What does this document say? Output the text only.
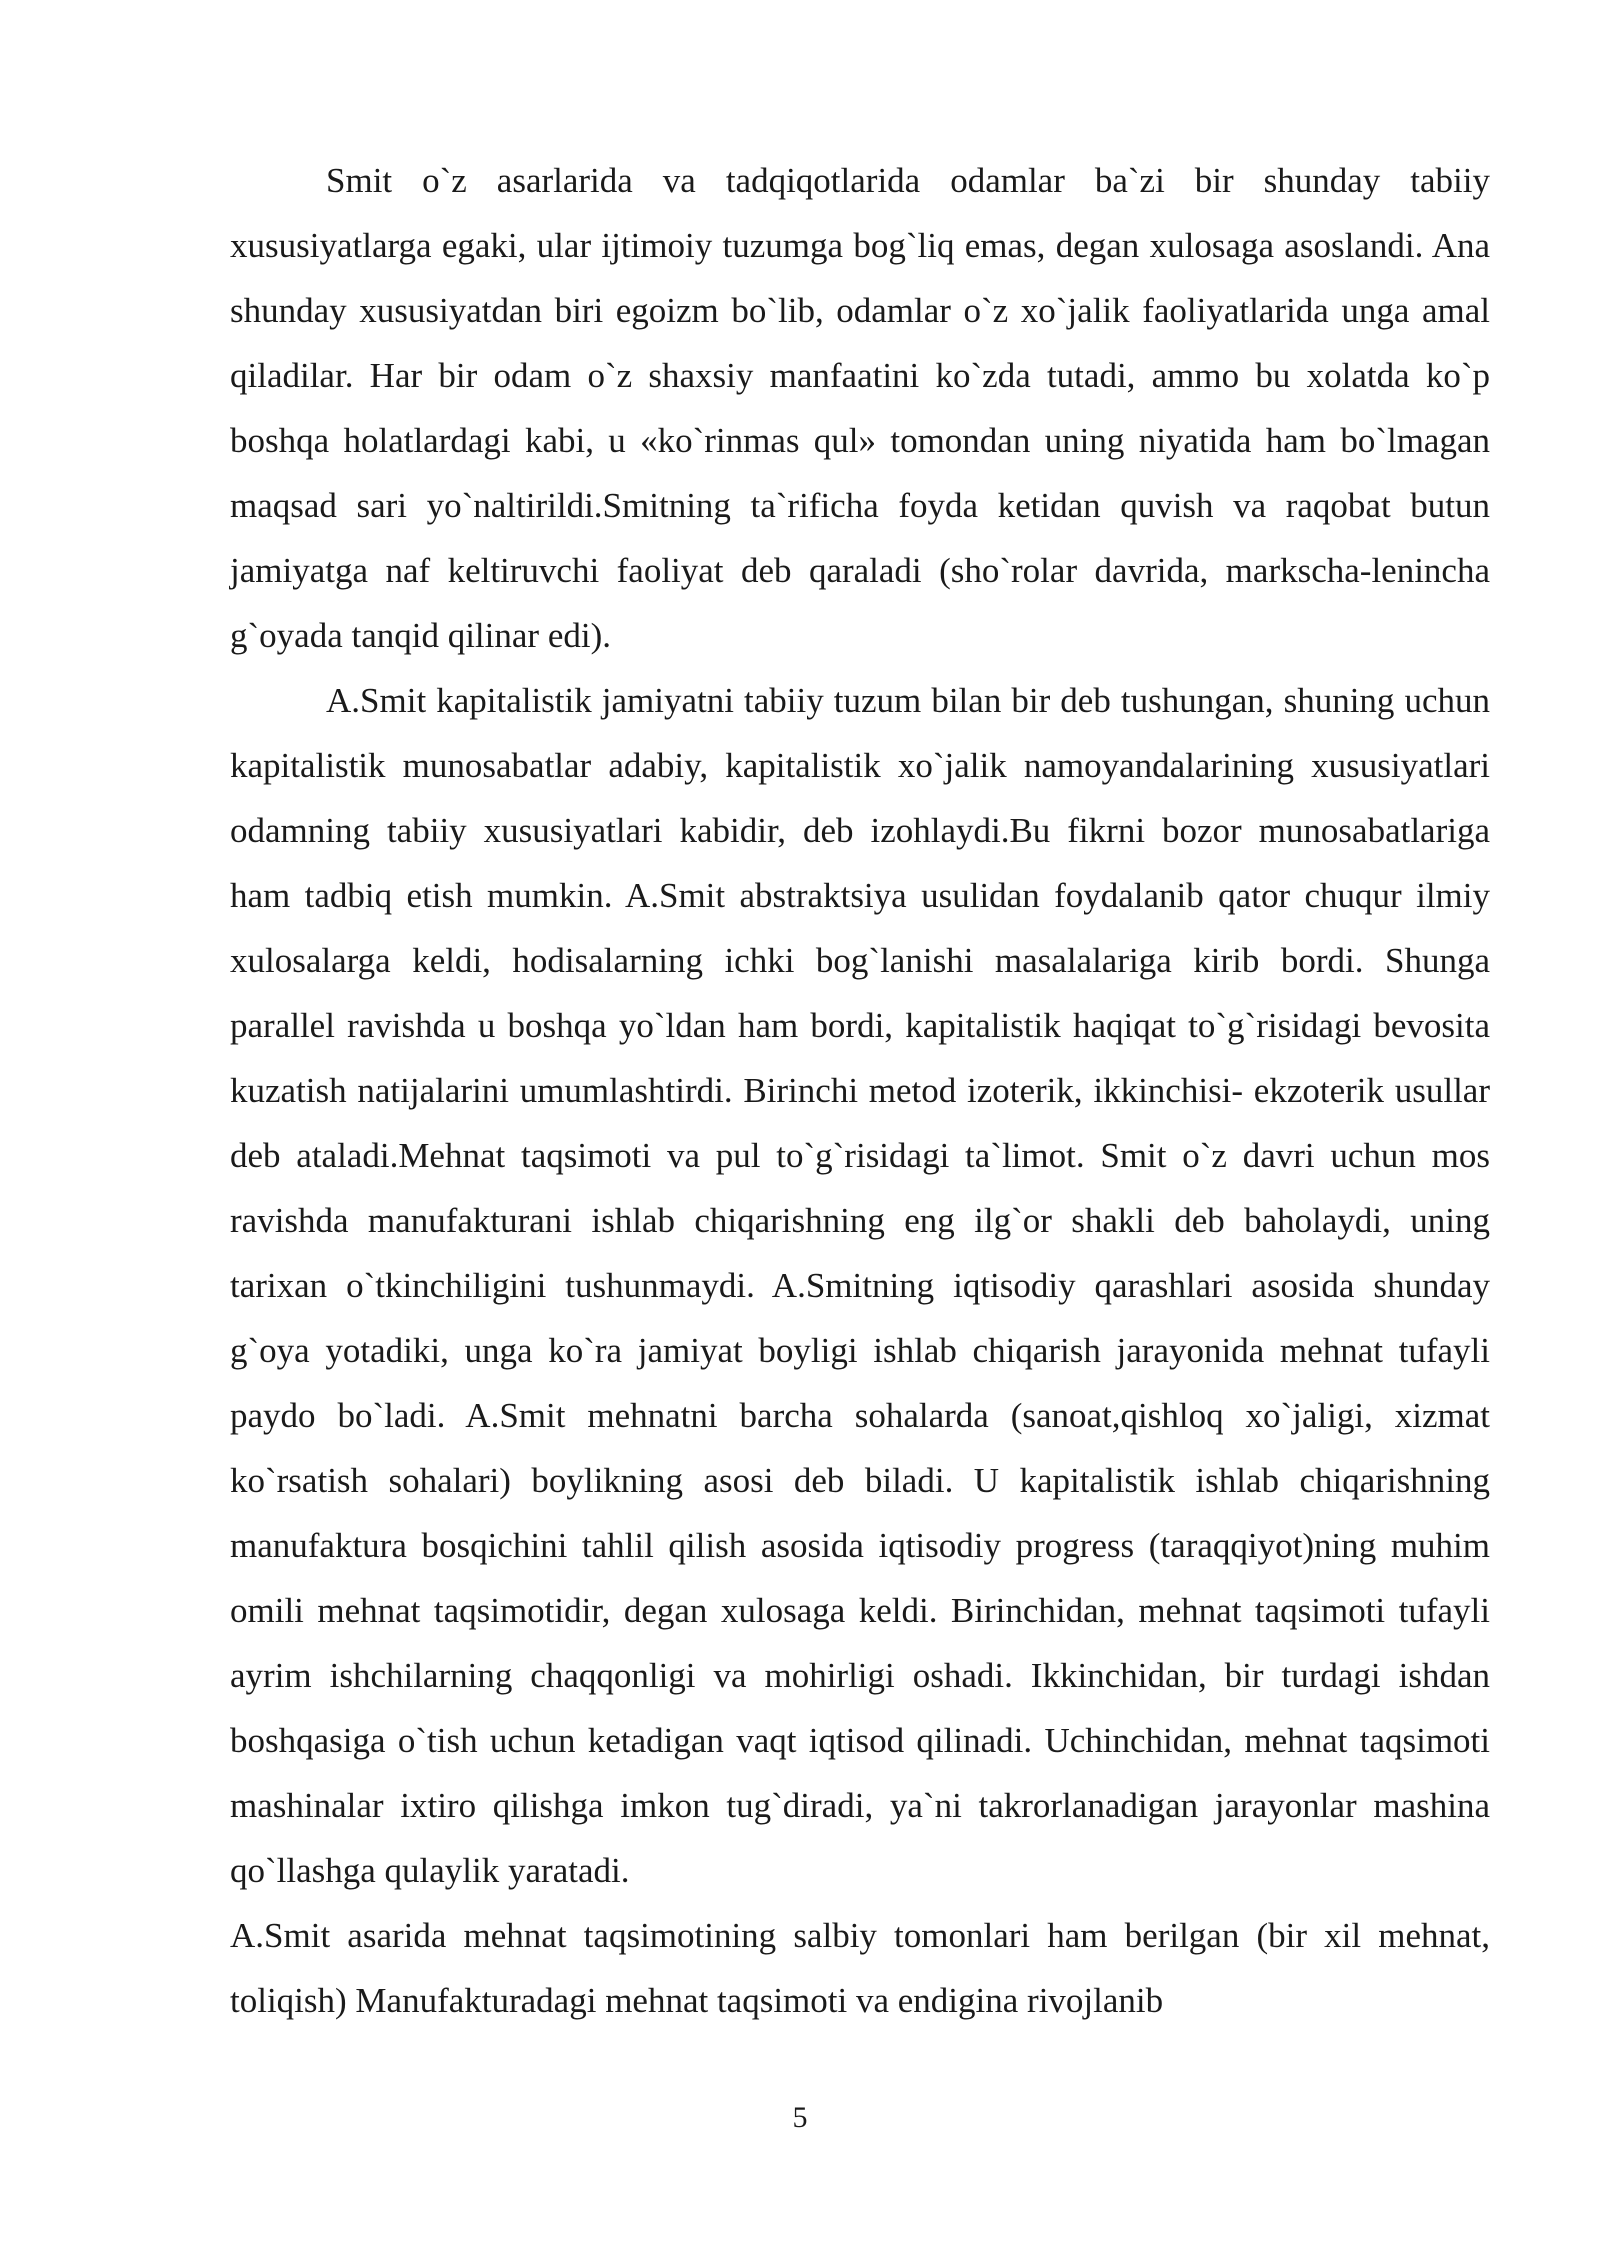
Smit o`z asarlarida va tadqiqotlarida odamlar ba`zi bir shunday tabiiy xususiyatlarga egaki, ular ijtimoiy tuzumga bog`liq emas, degan xulosaga asoslandi. Ana shunday xususiyatdan biri egoizm bo`lib, odamlar o`z xo`jalik faoliyatlarida unga amal qiladilar. Har bir odam o`z shaxsiy manfaatini ko`zda tutadi, ammo bu xolatda ko`p boshqa holatlardagi kabi, u «ko`rinmas qul» tomondan uning niyatida ham bo`lmagan maqsad sari yo`naltirildi.Smitning ta`rificha foyda ketidan quvish va raqobat butun jamiyatga naf keltiruvchi faoliyat deb qaraladi (sho`rolar davrida, markscha-lenincha g`oyada tanqid qilinar edi).

A.Smit kapitalistik jamiyatni tabiiy tuzum bilan bir deb tushungan, shuning uchun kapitalistik munosabatlar adabiy, kapitalistik xo`jalik namoyandalarining xususiyatlari odamning tabiiy xususiyatlari kabidir, deb izohlaydi.Bu fikrni bozor munosabatlariga ham tadbiq etish mumkin. A.Smit abstraktsiya usulidan foydalanib qator chuqur ilmiy xulosalarga keldi, hodisalarning ichki bog`lanishi masalalariga kirib bordi. Shunga parallel ravishda u boshqa yo`ldan ham bordi, kapitalistik haqiqat to`g`risidagi bevosita kuzatish natijalarini umumlashtirdi. Birinchi metod izoterik, ikkinchisi- ekzoterik usullar deb ataladi.Mehnat taqsimoti va pul to`g`risidagi ta`limot. Smit o`z davri uchun mos ravishda manufakturani ishlab chiqarishning eng ilg`or shakli deb baholaydi, uning tarixan o`tkinchiligini tushunmaydi. A.Smitning iqtisodiy qarashlari asosida shunday g`oya yotadiki, unga ko`ra jamiyat boyligi ishlab chiqarish jarayonida mehnat tufayli paydo bo`ladi. A.Smit mehnatni barcha sohalarda (sanoat,qishloq xo`jaligi, xizmat ko`rsatish sohalari) boylikning asosi deb biladi. U kapitalistik ishlab chiqarishning manufaktura bosqichini tahlil qilish asosida iqtisodiy progress (taraqqiyot)ning muhim omili mehnat taqsimotidir, degan xulosaga keldi. Birinchidan, mehnat taqsimoti tufayli ayrim ishchilarning chaqqonligi va mohirligi oshadi. Ikkinchidan, bir turdagi ishdan boshqasiga o`tish uchun ketadigan vaqt iqtisod qilinadi. Uchinchidan, mehnat taqsimoti mashinalar ixtiro qilishga imkon tug`diradi, ya`ni takrorlanadigan jarayonlar mashina qo`llashga qulaylik yaratadi.

A.Smit asarida mehnat taqsimotining salbiy tomonlari ham berilgan (bir xil mehnat, toliqish) Manufakturadagi mehnat taqsimoti va endigina rivojlanib

5
